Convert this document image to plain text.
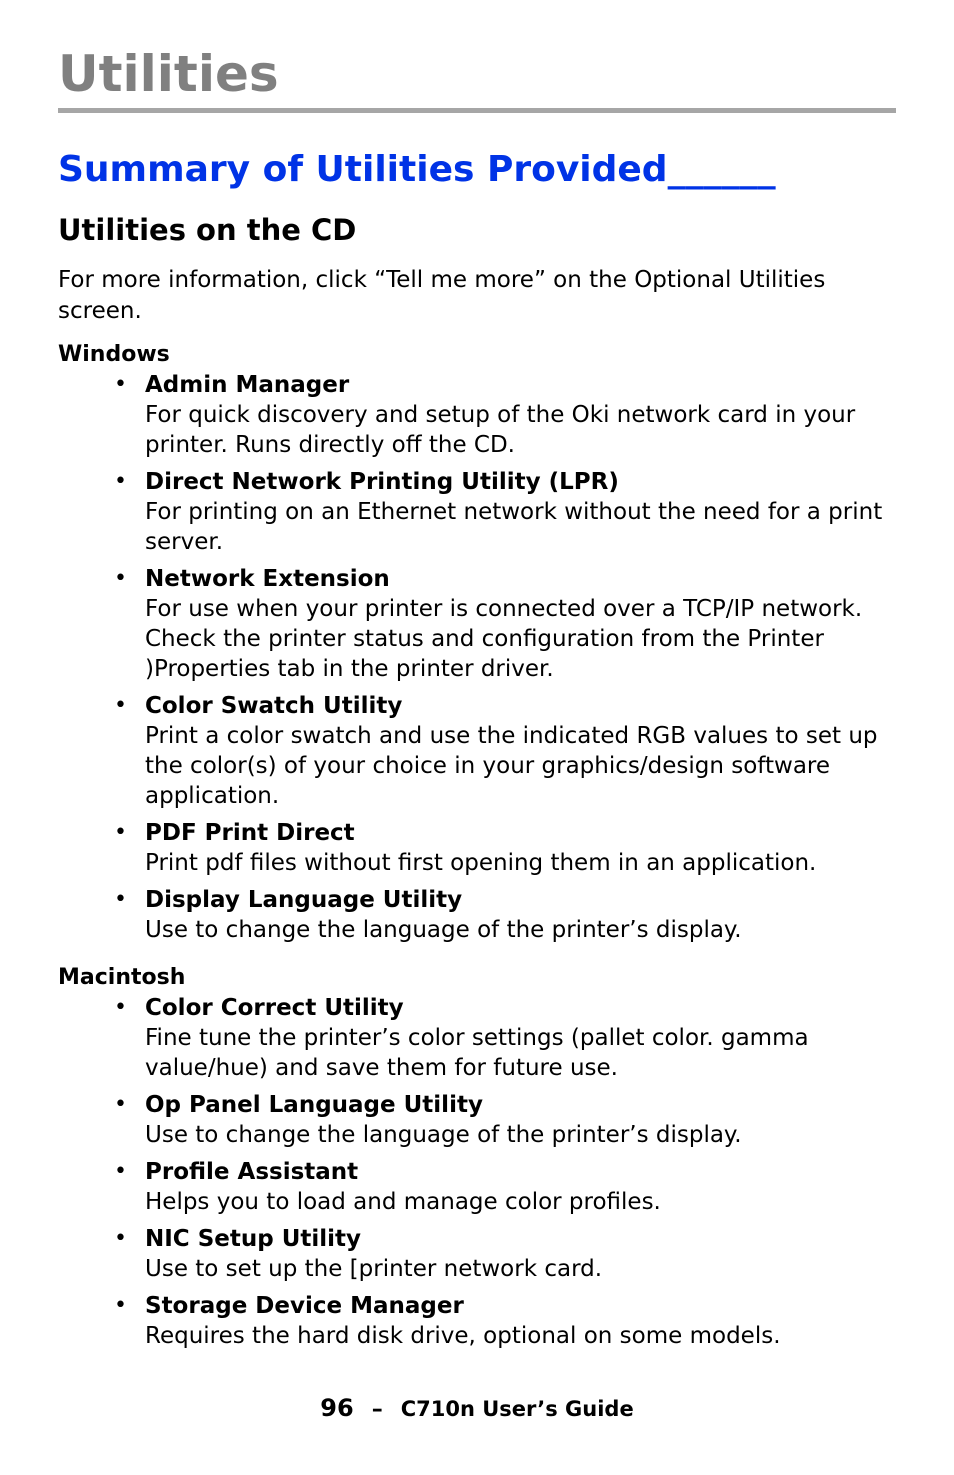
Utilities
Summary of Utilities Provided______
Utilities on the CD

For more information, click “Tell me more” on the Optional Utilities screen.

Windows
• Admin Manager
For quick discovery and setup of the Oki network card in your printer. Runs directly off the CD.
• Direct Network Printing Utility (LPR)
For printing on an Ethernet network without the need for a print server.
• Network Extension
For use when your printer is connected over a TCP/IP network. Check the printer status and configuration from the Printer )Properties tab in the printer driver.
• Color Swatch Utility
Print a color swatch and use the indicated RGB values to set up the color(s) of your choice in your graphics/design software application.
• PDF Print Direct
Print pdf files without first opening them in an application.
• Display Language Utility
Use to change the language of the printer’s display.
Macintosh
• Color Correct Utility
Fine tune the printer’s color settings (pallet color. gamma value/hue) and save them for future use.
• Op Panel Language Utility
Use to change the language of the printer’s display.
• Profile Assistant
Helps you to load and manage color profiles.
• NIC Setup Utility
Use to set up the [printer network card.
• Storage Device Manager
Requires the hard disk drive, optional on some models.
96 – C710n User’s Guide
